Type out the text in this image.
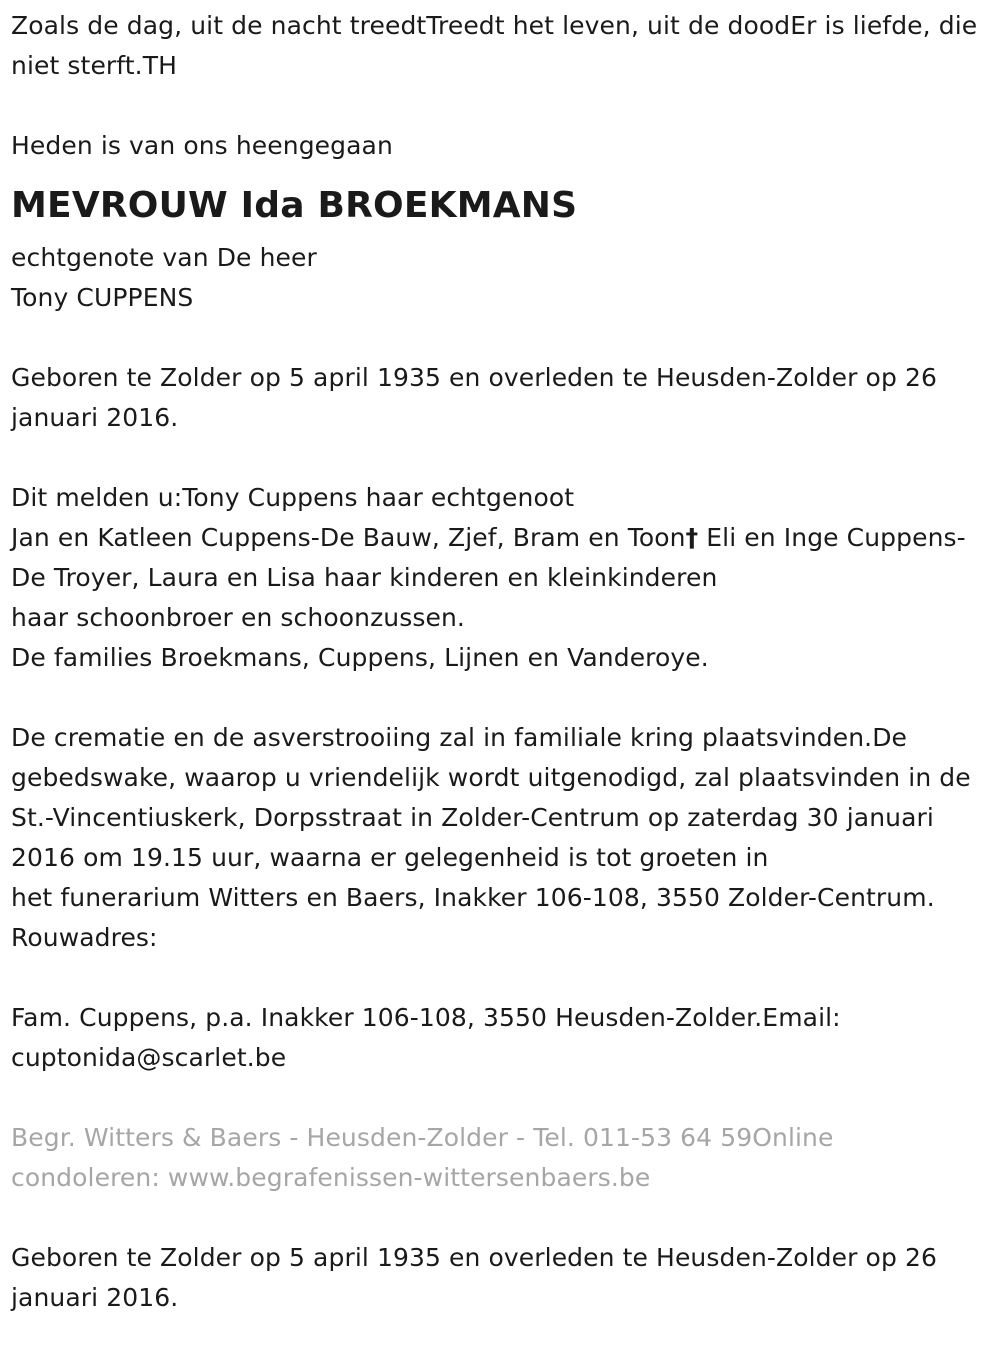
Zoals de dag, uit de nacht treedtTreedt het leven, uit de doodEr is liefde, die niet sterft.TH

Heden is van ons heengegaan

MEVROUW Ida BROEKMANS

echtgenote van De heer

Tony CUPPENS

Geboren te Zolder op 5 april 1935 en overleden te Heusden-Zolder op 26 januari 2016.

Dit melden u:Tony Cuppens haar echtgenoot

Jan en Katleen Cuppens-De Bauw, Zjef, Bram en Toon† Eli en Inge Cuppens-De Troyer, Laura en Lisa haar kinderen en kleinkinderen

haar schoonbroer en schoonzussen.

De families Broekmans, Cuppens, Lijnen en Vanderoye.

De crematie en de asverstrooiing zal in familiale kring plaatsvinden.De gebedswake, waarop u vriendelijk wordt uitgenodigd, zal plaatsvinden in de St.-Vincentiuskerk, Dorpsstraat in Zolder-Centrum op zaterdag 30 januari 2016 om 19.15 uur, waarna er gelegenheid is tot groeten in

het funerarium Witters en Baers, Inakker 106-108, 3550 Zolder-Centrum.

Rouwadres:

Fam. Cuppens, p.a. Inakker 106-108, 3550 Heusden-Zolder.Email: cuptonida@scarlet.be

Begr. Witters & Baers - Heusden-Zolder - Tel. 011-53 64 59Online condoleren: www.begrafenissen-wittersenbaers.be

Geboren te Zolder op 5 april 1935 en overleden te Heusden-Zolder op 26 januari 2016.
